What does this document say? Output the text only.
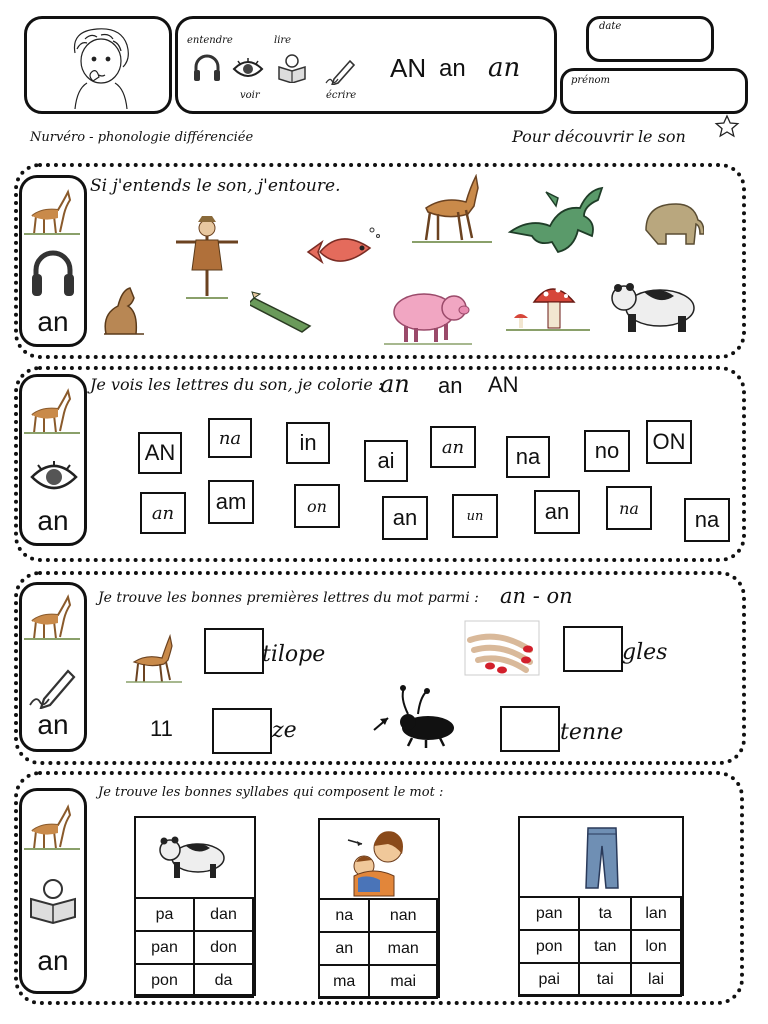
entendre	lire
voir	écrire
AN an an
date
prénom
Nurvéro - phonologie différenciée	Pour découvrir le son
an
Si j'entends le son, j'entoure.
an
Je vois les lettres du son, je colorie :
an an AN
AN
na	in
ai
an na no ON
an am	on	an	un	an	na	na
an
Je trouve les bonnes premières lettres du mot parmi : an - on
tilope	gles
11	ze	tenne
an
Je trouve les bonnes syllabes qui composent le mot :
pa	dan
pan	don
pon	da
na	nan
an	man
ma	mai
pan	ta	lan
pon	tan	lon
pai	tai	lai
